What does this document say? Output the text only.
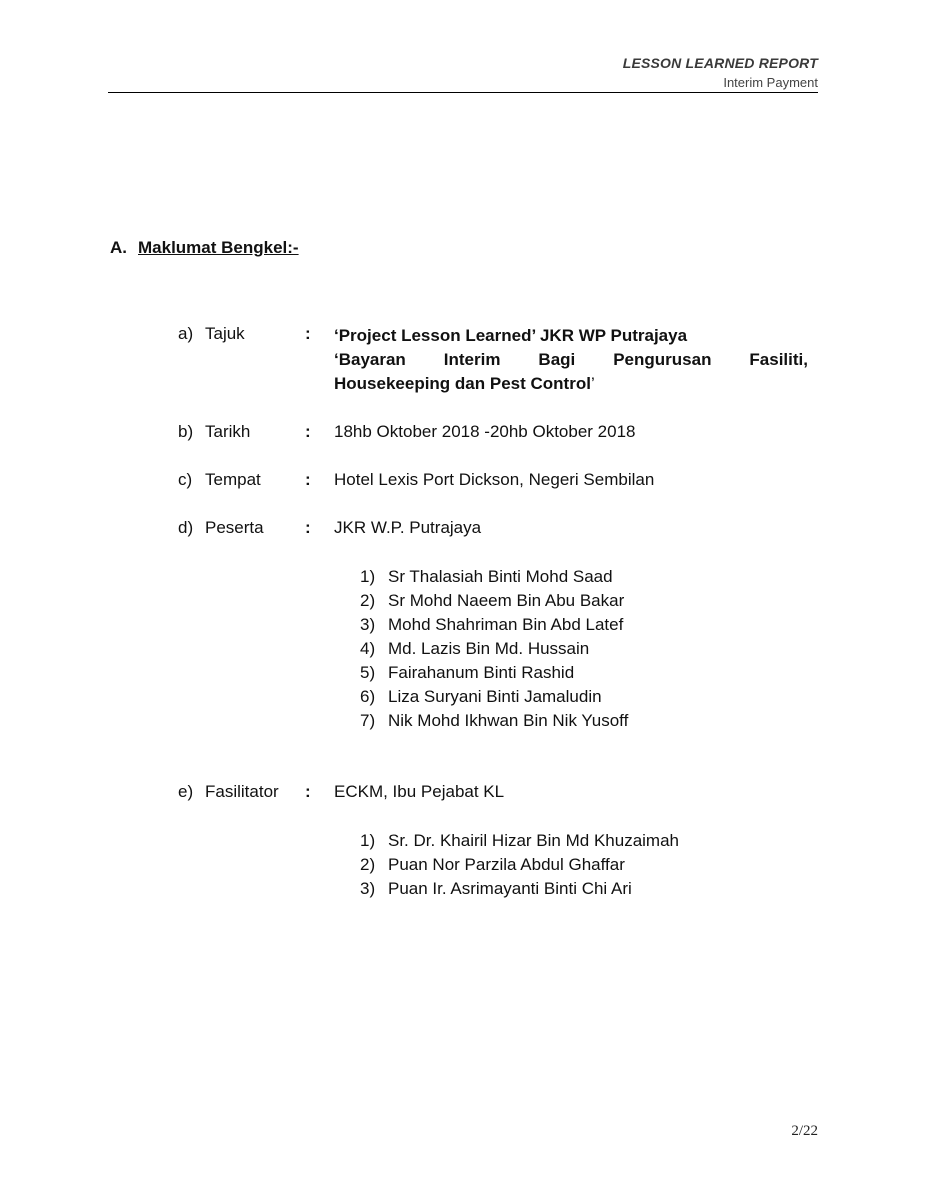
LESSON LEARNED REPORT
Interim Payment
A. Maklumat Bengkel:-
a) Tajuk	: ‘Project Lesson Learned’ JKR WP Putrajaya
‘Bayaran Interim Bagi Pengurusan Fasiliti,
Housekeeping dan Pest Control’
b) Tarikh	: 18hb Oktober 2018 -20hb Oktober 2018
c) Tempat	: Hotel Lexis Port Dickson, Negeri Sembilan
d) Peserta : JKR W.P. Putrajaya
1) Sr Thalasiah Binti Mohd Saad
2) Sr Mohd Naeem Bin Abu Bakar
3) Mohd Shahriman Bin Abd Latef
4) Md. Lazis Bin Md. Hussain
5) Fairahanum Binti Rashid
6) Liza Suryani Binti Jamaludin
7) Nik Mohd Ikhwan Bin Nik Yusoff
e) Fasilitator : ECKM, Ibu Pejabat KL
1) Sr. Dr. Khairil Hizar Bin Md Khuzaimah
2) Puan Nor Parzila Abdul Ghaffar
3) Puan Ir. Asrimayanti Binti Chi Ari
2/22
